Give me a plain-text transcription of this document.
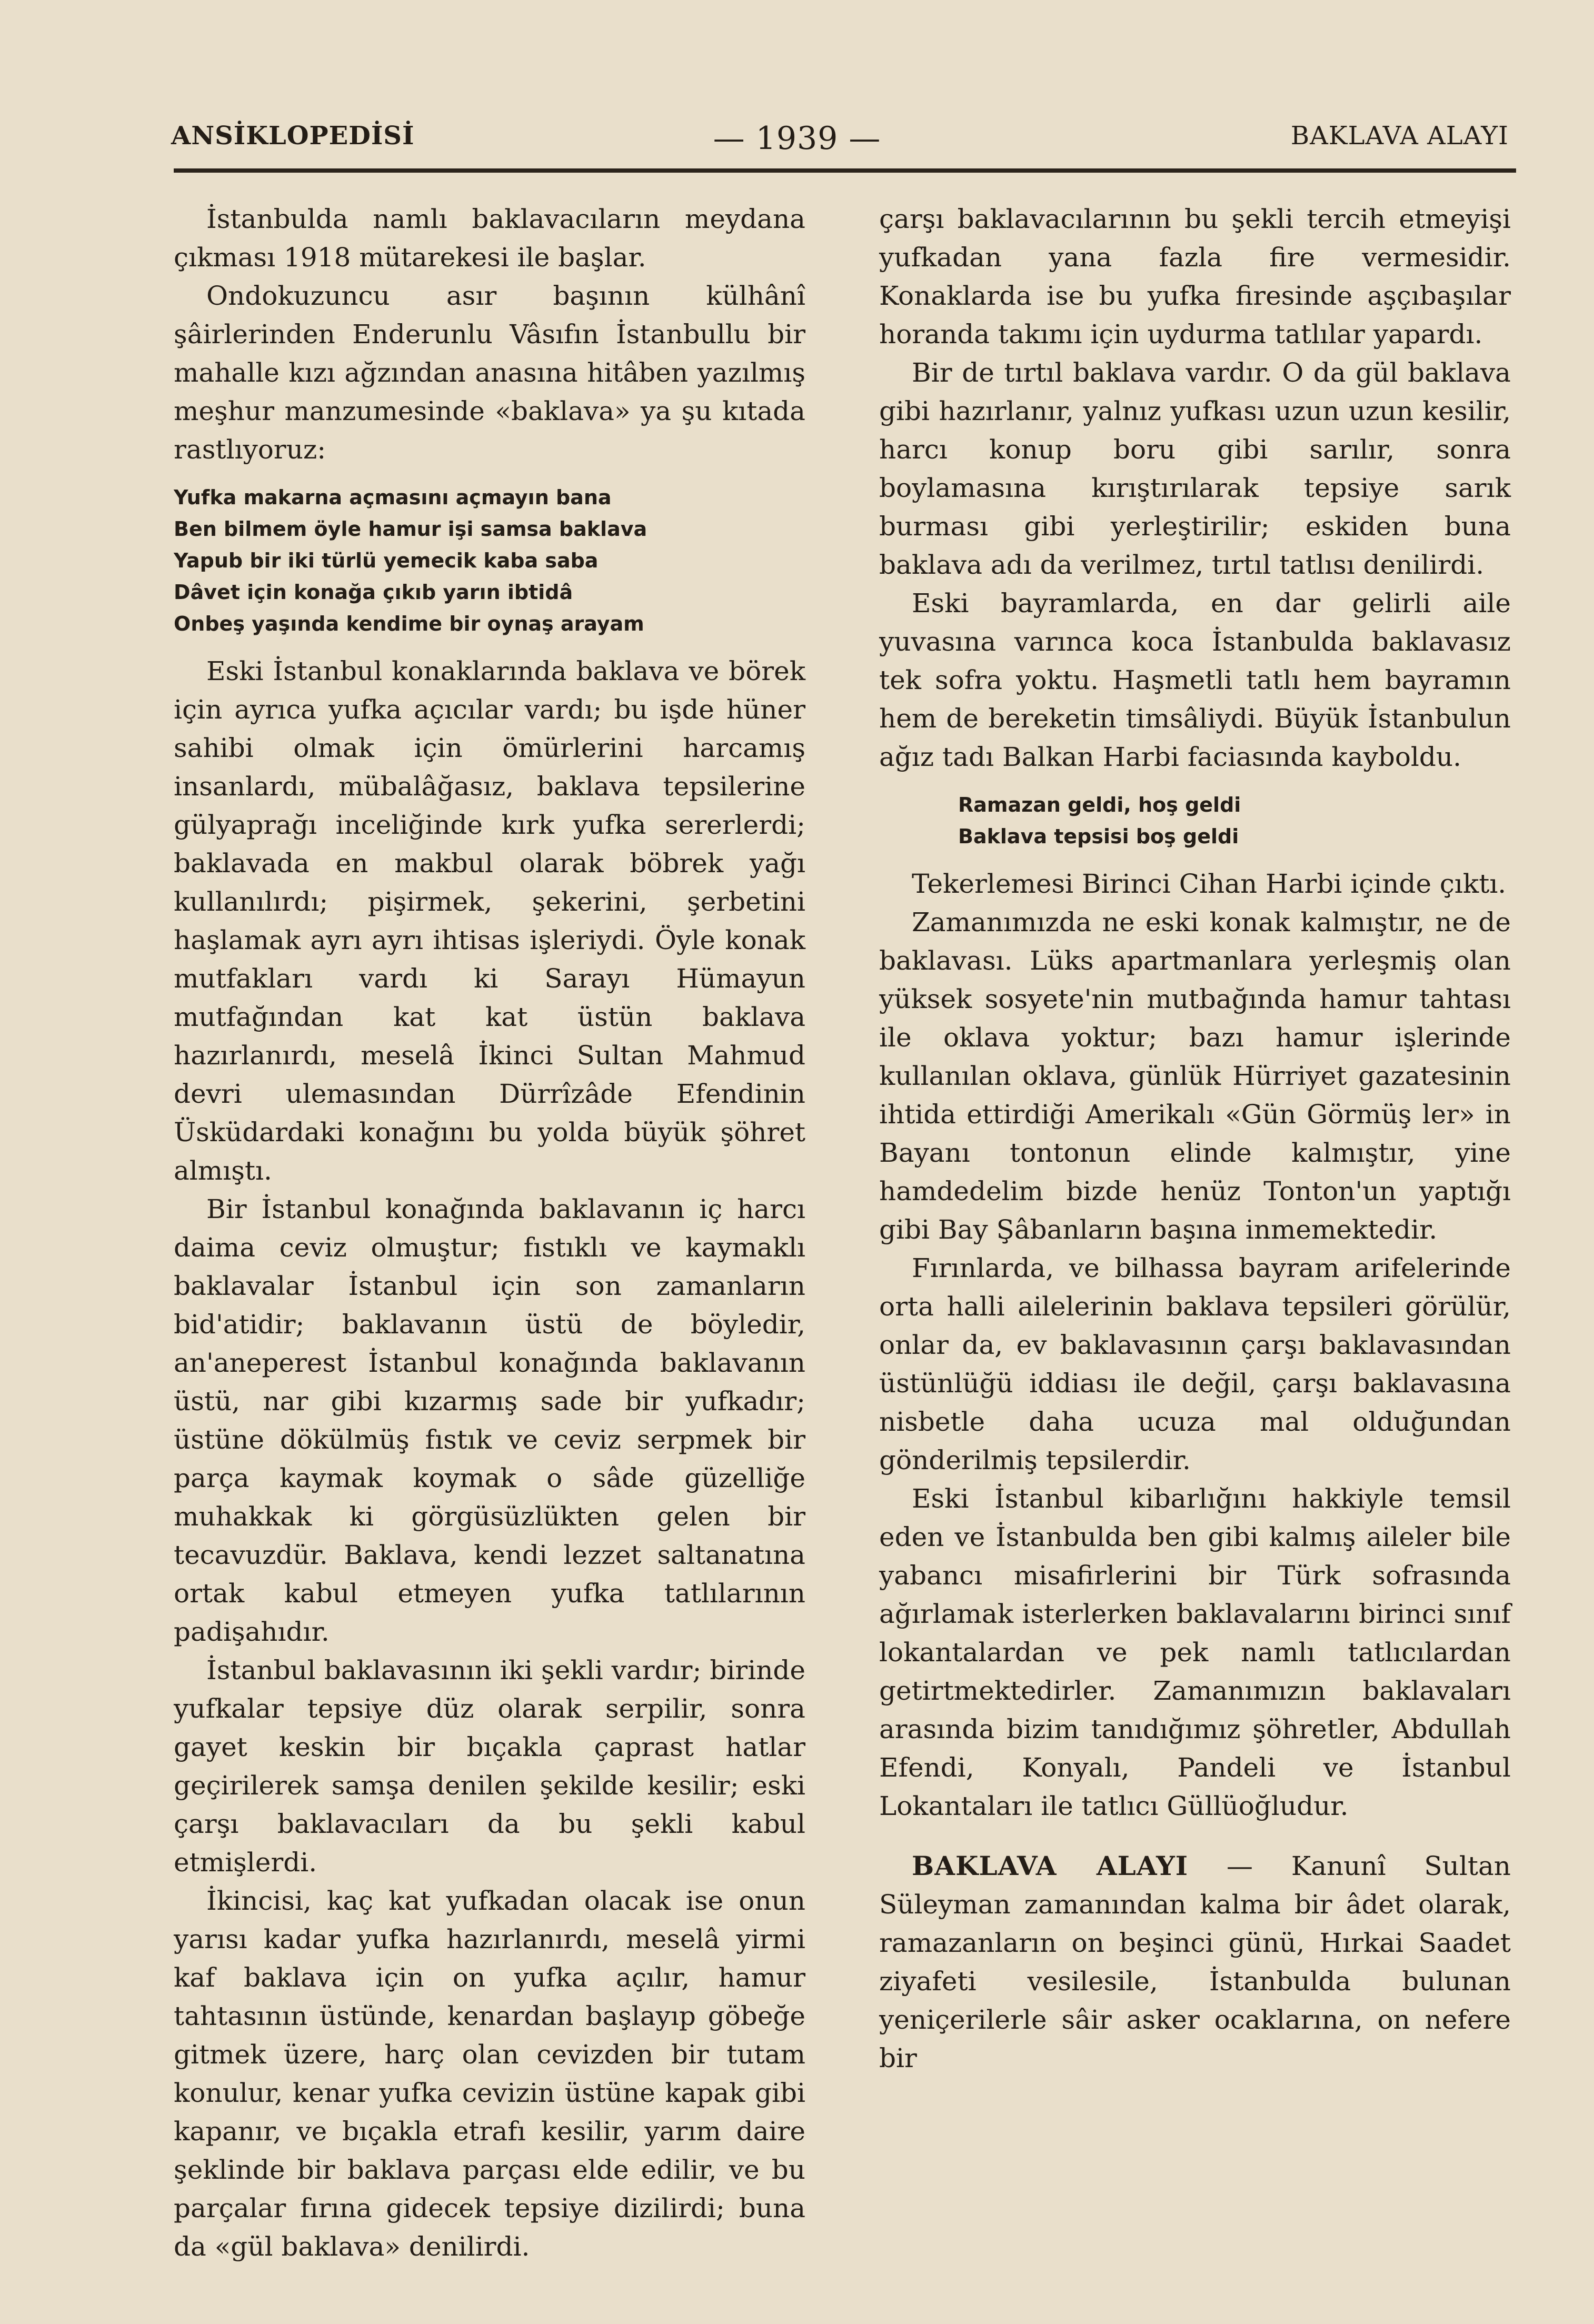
ANSİKLOPEDİSİ	— 1939 —	BAKLAVA ALAYI

İstanbulda namlı baklavacıların meydana çıkması 1918 mütarekesi ile başlar.

Ondokuzuncu asır başının külhânî şâirlerinden Enderunlu Vâsıfın İstanbullu bir mahalle kızı ağzından anasına hitâben yazılmış meşhur manzumesinde «baklava» ya şu kıtada rastlıyoruz:

Yufka makarna açmasını açmayın bana
Ben bilmem öyle hamur işi samsa baklava
Yapub bir iki türlü yemecik kaba saba
Dâvet için konağa çıkıb yarın ibtidâ
Onbeş yaşında kendime bir oynaş arayam

Eski İstanbul konaklarında baklava ve börek için ayrıca yufka açıcılar vardı; bu işde hüner sahibi olmak için ömürlerini harcamış insanlardı, mübalâğasız, baklava tepsilerine gülyaprağı inceliğinde kırk yufka sererlerdi; baklavada en makbul olarak böbrek yağı kullanılırdı; pişirmek, şekerini, şerbetini haşlamak ayrı ayrı ihtisas işleriydi. Öyle konak mutfakları vardı ki Sarayı Hümayun mutfağından kat kat üstün baklava hazırlanırdı, meselâ İkinci Sultan Mahmud devri ulemasından Dürrîzâde Efendinin Üsküdardaki konağını bu yolda büyük şöhret almıştı.

Bir İstanbul konağında baklavanın iç harcı daima ceviz olmuştur; fıstıklı ve kaymaklı baklavalar İstanbul için son zamanların bid'atidir; baklavanın üstü de böyledir, an'aneperest İstanbul konağında baklavanın üstü, nar gibi kızarmış sade bir yufkadır; üstüne dökülmüş fıstık ve ceviz serpmek bir parça kaymak koymak o sâde güzelliğe muhakkak ki görgüsüzlükten gelen bir tecavuzdür. Baklava, kendi lezzet saltanatına ortak kabul etmeyen yufka tatlılarının padişahıdır.

İstanbul baklavasının iki şekli vardır; birinde yufkalar tepsiye düz olarak serpilir, sonra gayet keskin bir bıçakla çaprast hatlar geçirilerek samşa denilen şekilde kesilir; eski çarşı baklavacıları da bu şekli kabul etmişlerdi.

İkincisi, kaç kat yufkadan olacak ise onun yarısı kadar yufka hazırlanırdı, meselâ yirmi kaf baklava için on yufka açılır, hamur tahtasının üstünde, kenardan başlayıp göbeğe gitmek üzere, harç olan cevizden bir tutam konulur, kenar yufka cevizin üstüne kapak gibi kapanır, ve bıçakla etrafı kesilir, yarım daire şeklinde bir baklava parçası elde edilir, ve bu parçalar fırına gidecek tepsiye dizilirdi; buna da «gül baklava» denilirdi.

çarşı baklavacılarının bu şekli tercih etmeyişi yufkadan yana fazla fire vermesidir. Konaklarda ise bu yufka firesinde aşçıbaşılar horanda takımı için uydurma tatlılar yapardı.

Bir de tırtıl baklava vardır. O da gül baklava gibi hazırlanır, yalnız yufkası uzun uzun kesilir, harcı konup boru gibi sarılır, sonra boylamasına kırıştırılarak tepsiye sarık burması gibi yerleştirilir; eskiden buna baklava adı da verilmez, tırtıl tatlısı denilirdi.

Eski bayramlarda, en dar gelirli aile yuvasına varınca koca İstanbulda baklavasız tek sofra yoktu. Haşmetli tatlı hem bayramın hem de bereketin timsâliydi. Büyük İstanbulun ağız tadı Balkan Harbi faciasında kayboldu.

Ramazan geldi, hoş geldi
Baklava tepsisi boş geldi

Tekerlemesi Birinci Cihan Harbi içinde çıktı.

Zamanımızda ne eski konak kalmıştır, ne de baklavası. Lüks apartmanlara yerleşmiş olan yüksek sosyete'nin mutbağında hamur tahtası ile oklava yoktur; bazı hamur işlerinde kullanılan oklava, günlük Hürriyet gazatesinin ihtida ettirdiği Amerikalı «Gün Görmüş ler» in Bayanı tontonun elinde kalmıştır, yine hamdedelim bizde henüz Tonton'un yaptığı gibi Bay Şâbanların başına inmemektedir.

Fırınlarda, ve bilhassa bayram arifelerinde orta halli ailelerinin baklava tepsileri görülür, onlar da, ev baklavasının çarşı baklavasından üstünlüğü iddiası ile değil, çarşı baklavasına nisbetle daha ucuza mal olduğundan gönderilmiş tepsilerdir.

Eski İstanbul kibarlığını hakkiyle temsil eden ve İstanbulda ben gibi kalmış aileler bile yabancı misafirlerini bir Türk sofrasında ağırlamak isterlerken baklavalarını birinci sınıf lokantalardan ve pek namlı tatlıcılardan getirtmektedirler. Zamanımızın baklavaları arasında bizim tanıdığımız şöhretler, Abdullah Efendi, Konyalı, Pandeli ve İstanbul Lokantaları ile tatlıcı Güllüoğludur.

BAKLAVA ALAYI — Kanunî Sultan Süleyman zamanından kalma bir âdet olarak, ramazanların on beşinci günü, Hırkai Saadet ziyafeti vesilesile, İstanbulda bulunan yeniçerilerle sâir asker ocaklarına, on nefere bir
